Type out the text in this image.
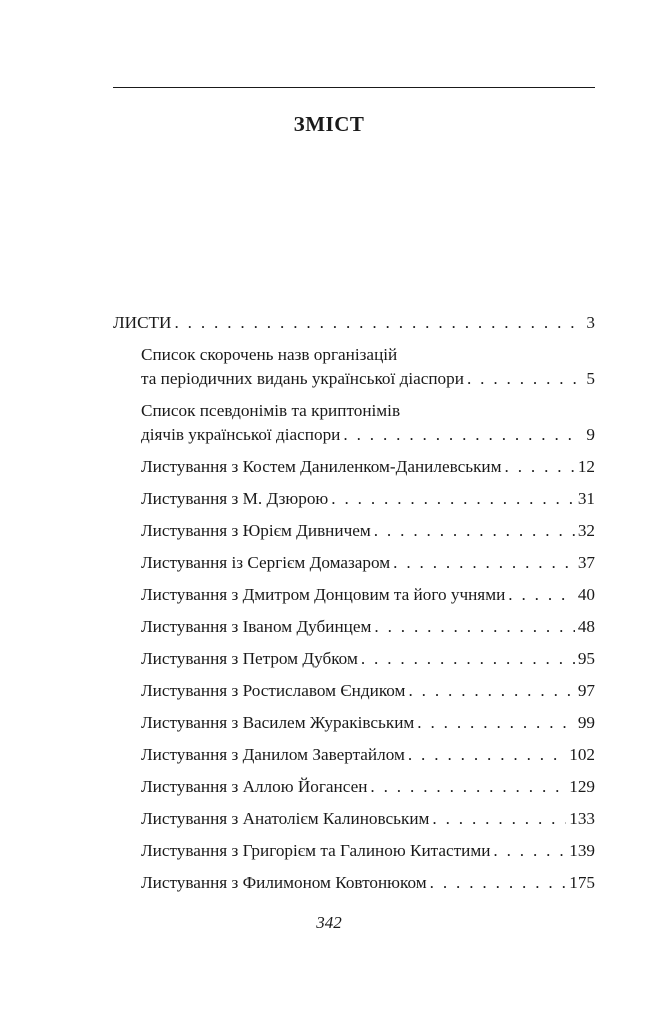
ЗМІСТ
ЛИСТИ . . .	3
Список скорочень назв організацій
та періодичних видань української діаспори . . .	5
Список псевдонімів та криптонімів
діячів української діаспори . . .	9
Листування з Костем Даниленком-Данилевським . . .	12
Листування з М. Дзюрою . . .	31
Листування з Юрієм Дивничем . . .	32
Листування із Сергієм Домазаром . . .	37
Листування з Дмитром Донцовим та його учнями . . .	40
Листування з Іваном Дубинцем . . .	48
Листування з Петром Дубком . . .	95
Листування з Ростиславом Єндиком . . .	97
Листування з Василем Жураківським . . .	99
Листування з Данилом Завертайлом . . .	102
Листування з Аллою Йогансен . . .	129
Листування з Анатолієм Калиновським . . .	133
Листування з Григорієм та Галиною Китастими . . .	139
Листування з Филимоном Ковтонюком . . .	175
342
